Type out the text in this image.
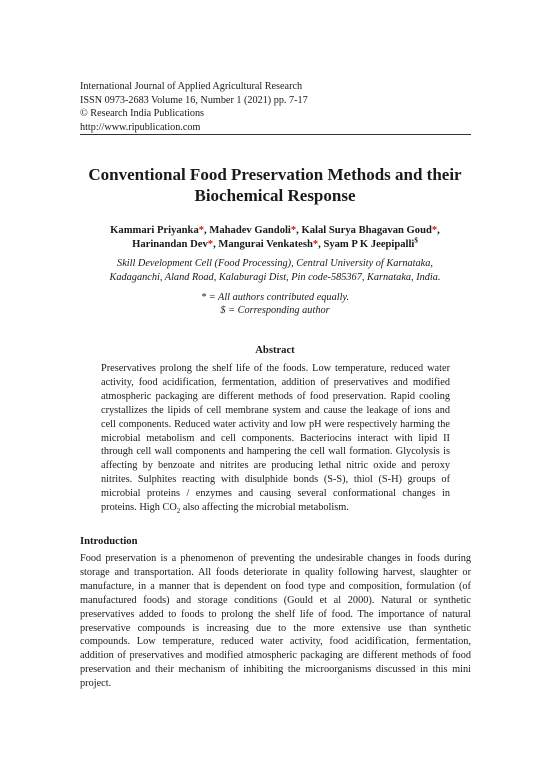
International Journal of Applied Agricultural Research
ISSN 0973-2683 Volume 16, Number 1 (2021) pp. 7-17
© Research India Publications
http://www.ripublication.com
Conventional Food Preservation Methods and their
Biochemical Response
Kammari Priyanka*, Mahadev Gandoli*, Kalal Surya Bhagavan Goud*,
Harinandan Dev*, Mangurai Venkatesh*, Syam P K Jeepipalli$
Skill Development Cell (Food Processing), Central University of Karnataka,
Kadaganchi, Aland Road, Kalaburagi Dist, Pin code-585367, Karnataka, India.
* = All authors contributed equally.
$ = Corresponding author
Abstract

Preservatives prolong the shelf life of the foods. Low temperature, reduced water activity, food acidification, fermentation, addition of preservatives and modified atmospheric packaging are different methods of food preservation. Rapid cooling crystallizes the lipids of cell membrane system and cause the leakage of ions and cell components. Reduced water activity and low pH were respectively harming the microbial metabolism and cell components. Bacteriocins interact with lipid II through cell wall components and hampering the cell wall formation. Glycolysis is affecting by benzoate and nitrites are producing lethal nitric oxide and peroxy nitrites. Sulphites reacting with disulphide bonds (S-S), thiol (S-H) groups of microbial proteins / enzymes and causing several conformational changes in proteins. High $CO_2$ also affecting the microbial metabolism.

Introduction

Food preservation is a phenomenon of preventing the undesirable changes in foods during storage and transportation. All foods deteriorate in quality following harvest, slaughter or manufacture, in a manner that is dependent on food type and composition, formulation (of manufactured foods) and storage conditions (Gould et al 2000). Natural or synthetic preservatives added to foods to prolong the shelf life of food. The importance of natural preservative compounds is increasing due to the more extensive use than synthetic compounds. Low temperature, reduced water activity, food acidification, fermentation, addition of preservatives and modified atmospheric packaging are different methods of food preservation and their mechanism of inhibiting the microorganisms discussed in this mini project.
